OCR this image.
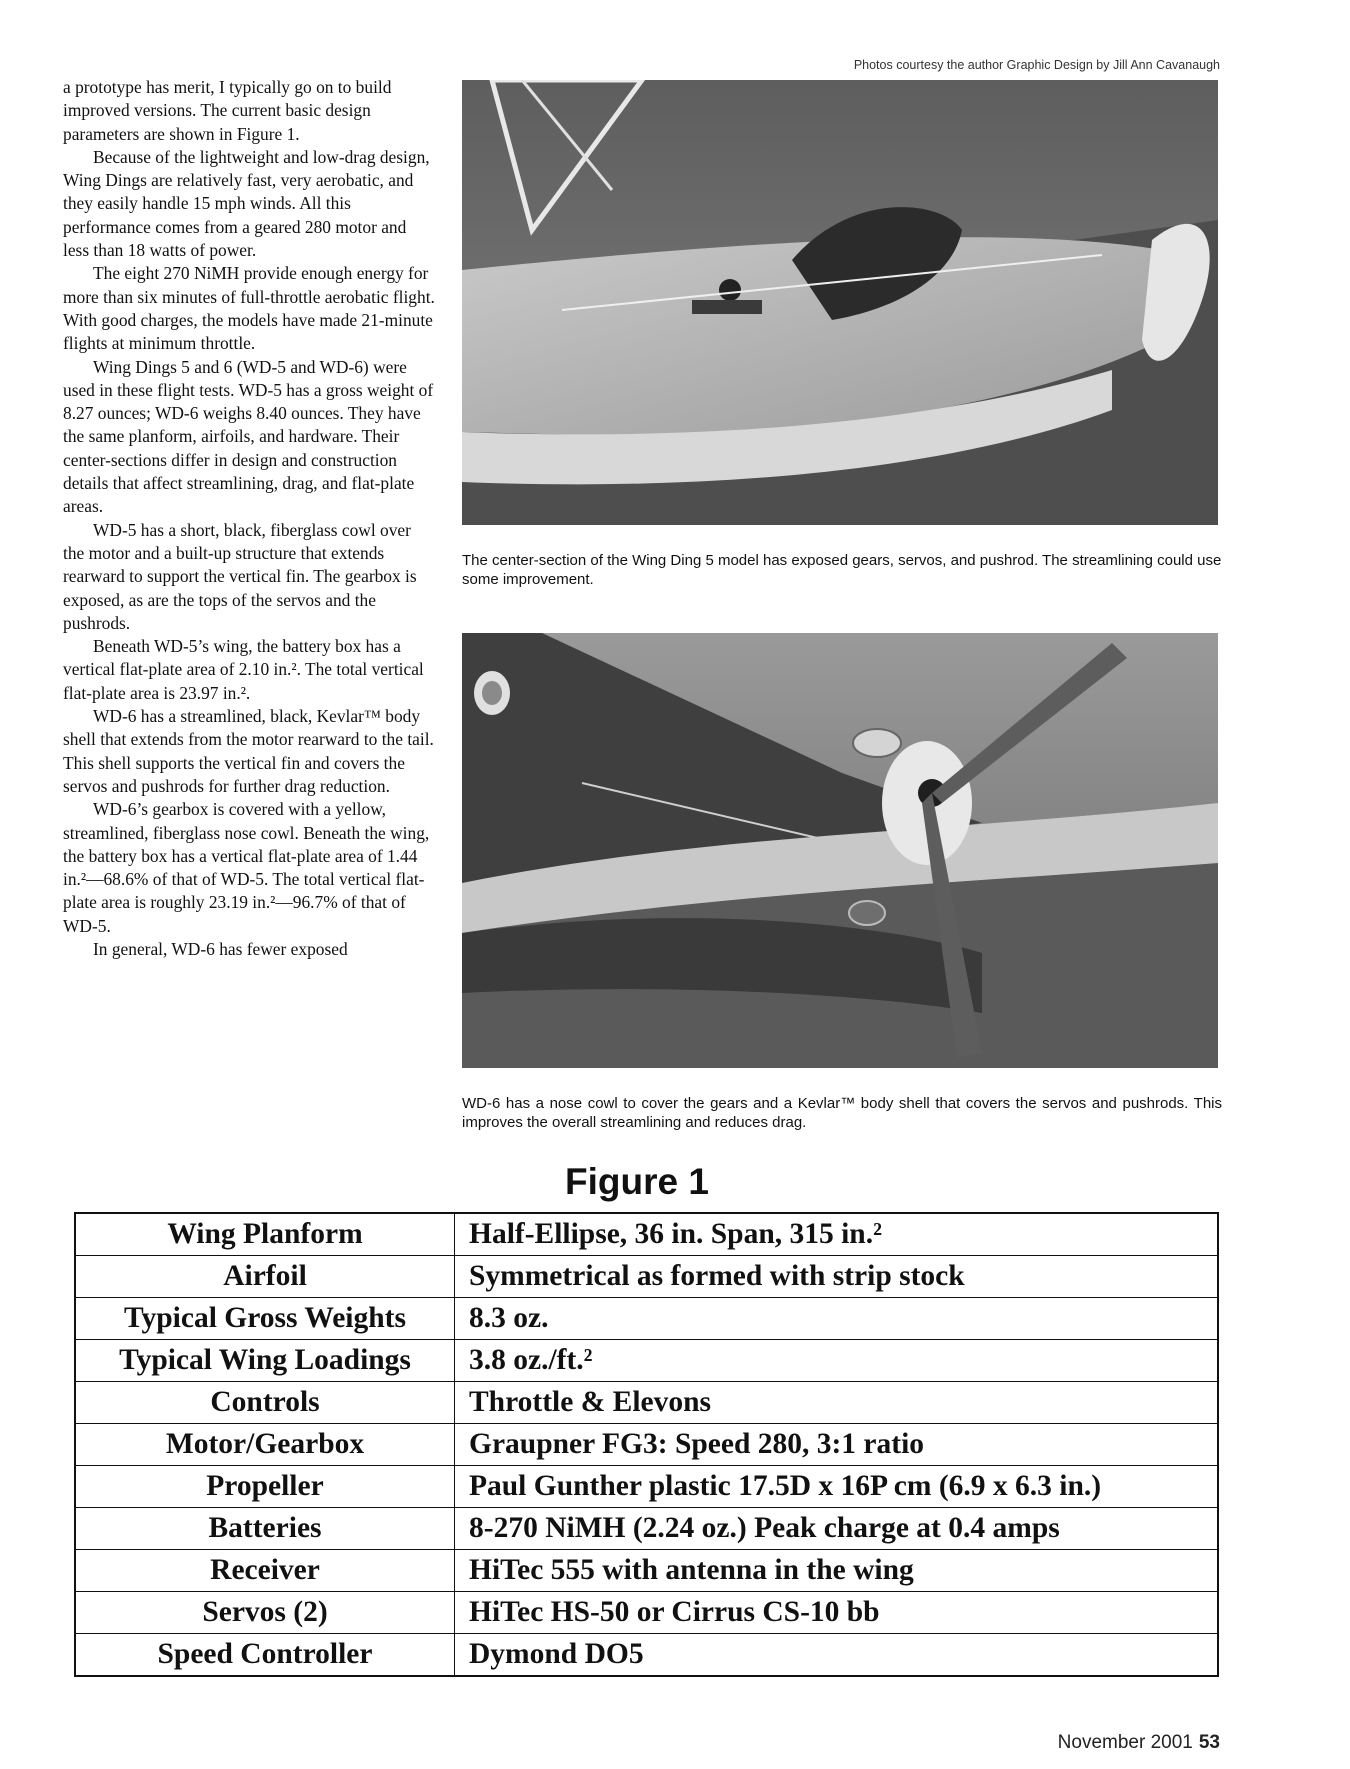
Photos courtesy the author Graphic Design by Jill Ann Cavanaugh

a prototype has merit, I typically go on to build improved versions. The current basic design parameters are shown in Figure 1.

Because of the lightweight and low-drag design, Wing Dings are relatively fast, very aerobatic, and they easily handle 15 mph winds. All this performance comes from a geared 280 motor and less than 18 watts of power.

The eight 270 NiMH provide enough energy for more than six minutes of full-throttle aerobatic flight. With good charges, the models have made 21-minute flights at minimum throttle.

Wing Dings 5 and 6 (WD-5 and WD-6) were used in these flight tests. WD-5 has a gross weight of 8.27 ounces; WD-6 weighs 8.40 ounces. They have the same planform, airfoils, and hardware. Their center-sections differ in design and construction details that affect streamlining, drag, and flat-plate areas.

WD-5 has a short, black, fiberglass cowl over the motor and a built-up structure that extends rearward to support the vertical fin. The gearbox is exposed, as are the tops of the servos and the pushrods.

Beneath WD-5’s wing, the battery box has a vertical flat-plate area of 2.10 in.². The total vertical flat-plate area is 23.97 in.².

WD-6 has a streamlined, black, Kevlar™ body shell that extends from the motor rearward to the tail. This shell supports the vertical fin and covers the servos and pushrods for further drag reduction.

WD-6’s gearbox is covered with a yellow, streamlined, fiberglass nose cowl. Beneath the wing, the battery box has a vertical flat-plate area of 1.44 in.²—68.6% of that of WD-5. The total vertical flat-plate area is roughly 23.19 in.²—96.7% of that of WD-5.

In general, WD-6 has fewer exposed

The center-section of the Wing Ding 5 model has exposed gears, servos, and pushrod. The streamlining could use some improvement.
WD-6 has a nose cowl to cover the gears and a Kevlar™ body shell that covers the servos and pushrods. This improves the overall streamlining and reduces drag.
Figure 1
Wing Planform	Half-Ellipse, 36 in. Span, 315 in.²
Airfoil	Symmetrical as formed with strip stock
Typical Gross Weights	8.3 oz.
Typical Wing Loadings	3.8 oz./ft.²
Controls	Throttle & Elevons
Motor/Gearbox	Graupner FG3: Speed 280, 3:1 ratio
Propeller	Paul Gunther plastic 17.5D x 16P cm (6.9 x 6.3 in.)
Batteries	8-270 NiMH (2.24 oz.) Peak charge at 0.4 amps
Receiver	HiTec 555 with antenna in the wing
Servos (2)	HiTec HS-50 or Cirrus CS-10 bb
Speed Controller	Dymond DO5
November 2001 53
